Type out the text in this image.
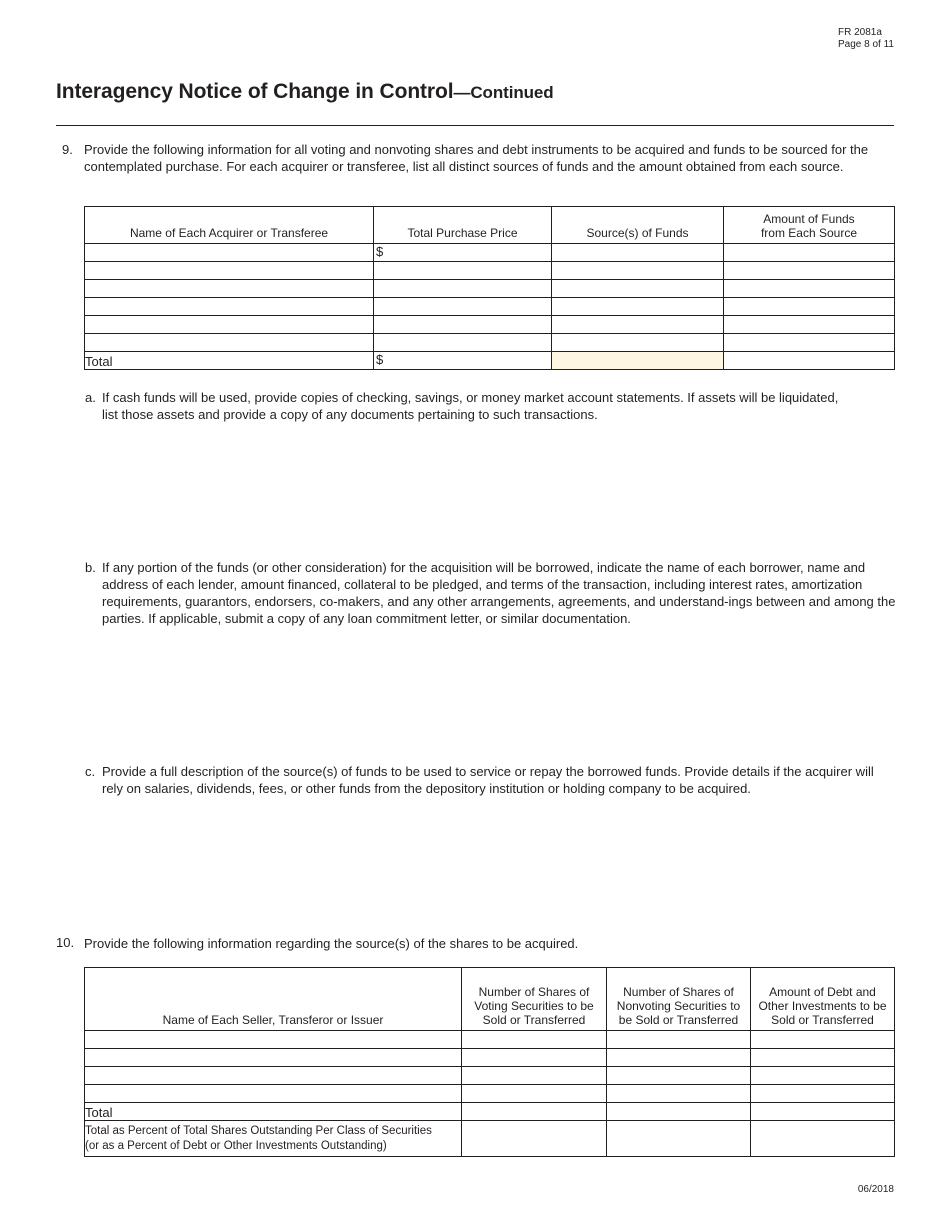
FR 2081a
Page 8 of 11
Interagency Notice of Change in Control—Continued
9. Provide the following information for all voting and nonvoting shares and debt instruments to be acquired and funds to be sourced for the contemplated purchase. For each acquirer or transferee, list all distinct sources of funds and the amount obtained from each source.
Name of Each Acquirer or Transferee	Total Purchase Price	Source(s) of Funds	Amount of Funds from Each Source
	$		

Total	$		
a. If cash funds will be used, provide copies of checking, savings, or money market account statements. If assets will be liquidated, list those assets and provide a copy of any documents pertaining to such transactions.
b. If any portion of the funds (or other consideration) for the acquisition will be borrowed, indicate the name of each borrower, name and address of each lender, amount financed, collateral to be pledged, and terms of the transaction, including interest rates, amortization requirements, guarantors, endorsers, co-makers, and any other arrangements, agreements, and understand-ings between and among the parties. If applicable, submit a copy of any loan commitment letter, or similar documentation.
c. Provide a full description of the source(s) of funds to be used to service or repay the borrowed funds. Provide details if the acquirer will rely on salaries, dividends, fees, or other funds from the depository institution or holding company to be acquired.
10. Provide the following information regarding the source(s) of the shares to be acquired.
Name of Each Seller, Transferor or Issuer	Number of Shares of Voting Securities to be Sold or Transferred	Number of Shares of Nonvoting Securities to be Sold or Transferred	Amount of Debt and Other Investments to be Sold or Transferred

Total			

Total as Percent of Total Shares Outstanding Per Class of Securities
(or as a Percent of Debt or Other Investments Outstanding)			

06/2018
